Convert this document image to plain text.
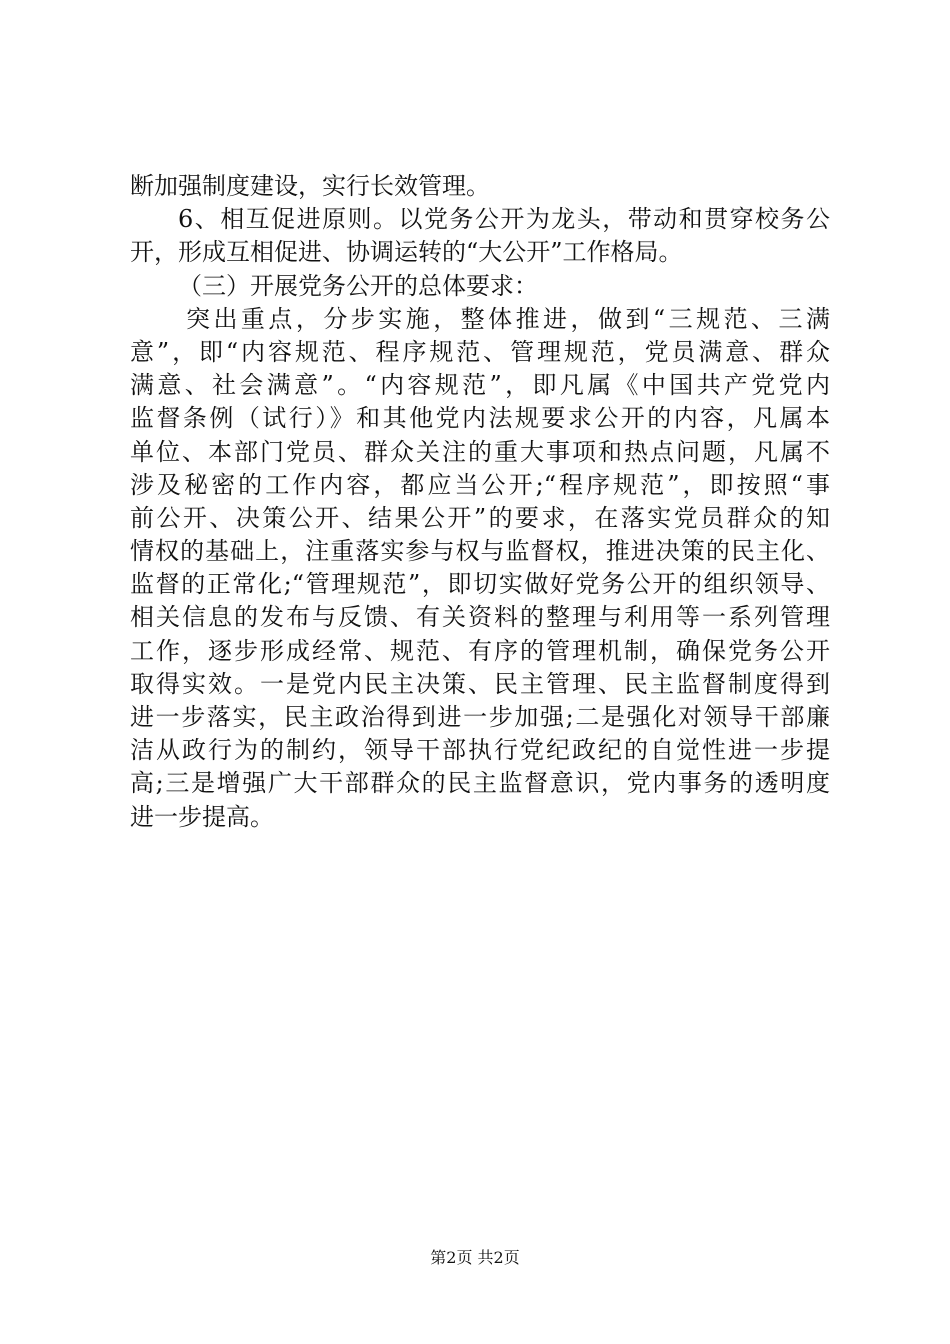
断加强制度建设，实行长效管理。
6、相互促进原则。以党务公开为龙头，带动和贯穿校务公
开，形成互相促进、协调运转的“大公开”工作格局。
（三）开展党务公开的总体要求：
突出重点，分步实施，整体推进，做到“三规范、三满
意”，即“内容规范、程序规范、管理规范，党员满意、群众
满意、社会满意”。“内容规范”，即凡属《中国共产党党内
监督条例（试行）》和其他党内法规要求公开的内容，凡属本
单位、本部门党员、群众关注的重大事项和热点问题，凡属不
涉及秘密的工作内容，都应当公开;“程序规范”，即按照“事
前公开、决策公开、结果公开”的要求，在落实党员群众的知
情权的基础上，注重落实参与权与监督权，推进决策的民主化、
监督的正常化;“管理规范”，即切实做好党务公开的组织领导、
相关信息的发布与反馈、有关资料的整理与利用等一系列管理
工作，逐步形成经常、规范、有序的管理机制，确保党务公开
取得实效。一是党内民主决策、民主管理、民主监督制度得到
进一步落实，民主政治得到进一步加强;二是强化对领导干部廉
洁从政行为的制约，领导干部执行党纪政纪的自觉性进一步提
高;三是增强广大干部群众的民主监督意识，党内事务的透明度
进一步提高。
第2页 共2页
